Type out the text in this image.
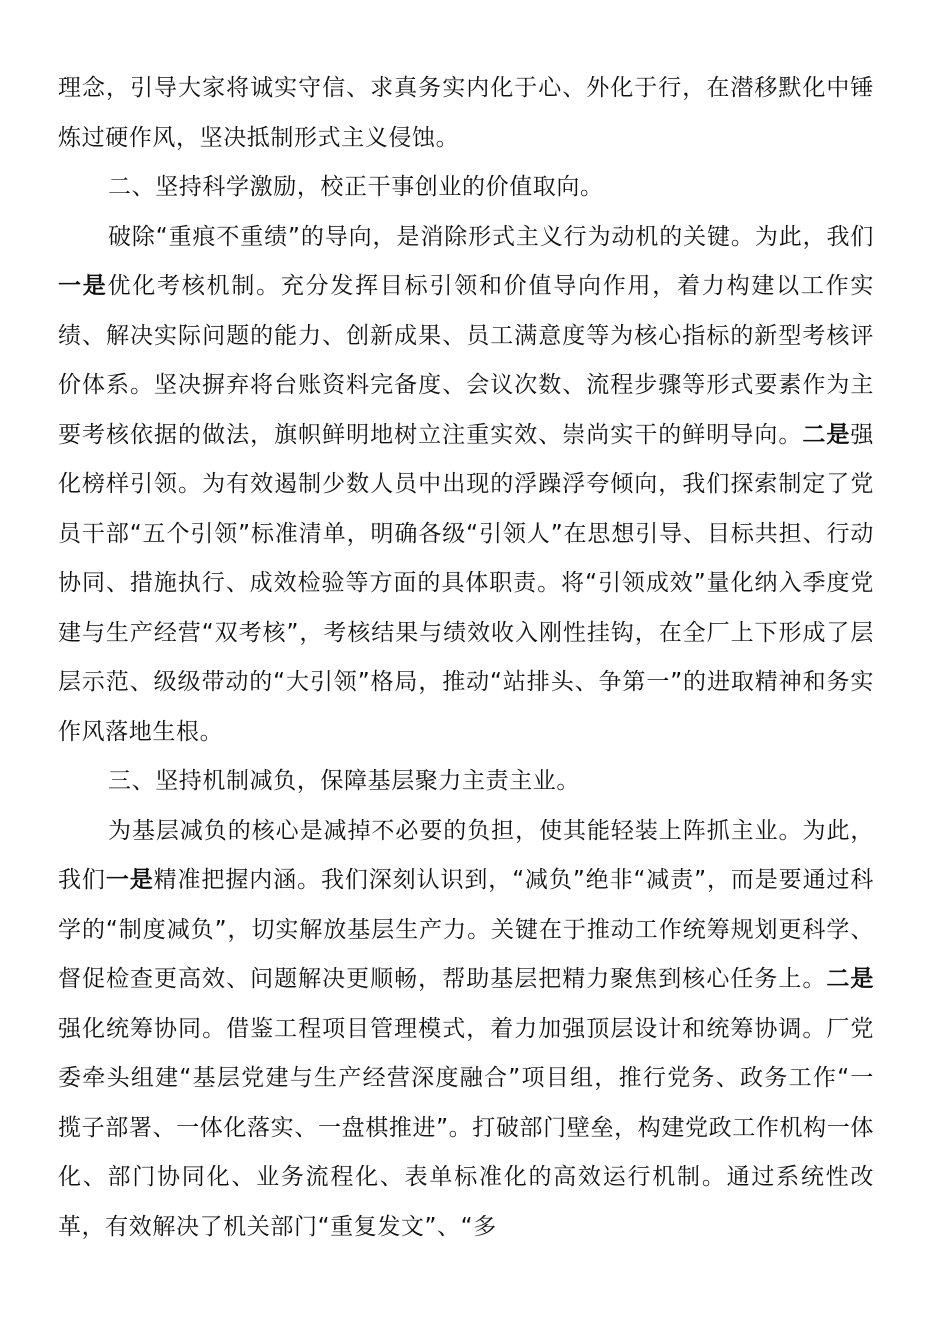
理念，引导大家将诚实守信、求真务实内化于心、外化于行，在潜移默化中锤炼过硬作风，坚决抵制形式主义侵蚀。

二、坚持科学激励，校正干事创业的价值取向。

破除“重痕不重绩”的导向，是消除形式主义行为动机的关键。为此，我们一是优化考核机制。充分发挥目标引领和价值导向作用，着力构建以工作实绩、解决实际问题的能力、创新成果、员工满意度等为核心指标的新型考核评价体系。坚决摒弃将台账资料完备度、会议次数、流程步骤等形式要素作为主要考核依据的做法，旗帜鲜明地树立注重实效、崇尚实干的鲜明导向。二是强化榜样引领。为有效遏制少数人员中出现的浮躁浮夸倾向，我们探索制定了党员干部“五个引领”标准清单，明确各级“引领人”在思想引导、目标共担、行动协同、措施执行、成效检验等方面的具体职责。将“引领成效”量化纳入季度党建与生产经营“双考核”，考核结果与绩效收入刚性挂钩，在全厂上下形成了层层示范、级级带动的“大引领”格局，推动“站排头、争第一”的进取精神和务实作风落地生根。

三、坚持机制减负，保障基层聚力主责主业。

为基层减负的核心是减掉不必要的负担，使其能轻装上阵抓主业。为此，我们一是精准把握内涵。我们深刻认识到，“减负”绝非“减责”，而是要通过科学的“制度减负”，切实解放基层生产力。关键在于推动工作统筹规划更科学、督促检查更高效、问题解决更顺畅，帮助基层把精力聚焦到核心任务上。二是强化统筹协同。借鉴工程项目管理模式，着力加强顶层设计和统筹协调。厂党委牵头组建“基层党建与生产经营深度融合”项目组，推行党务、政务工作“一揽子部署、一体化落实、一盘棋推进”。打破部门壁垒，构建党政工作机构一体化、部门协同化、业务流程化、表单标准化的高效运行机制。通过系统性改革，有效解决了机关部门“重复发文”、“多
